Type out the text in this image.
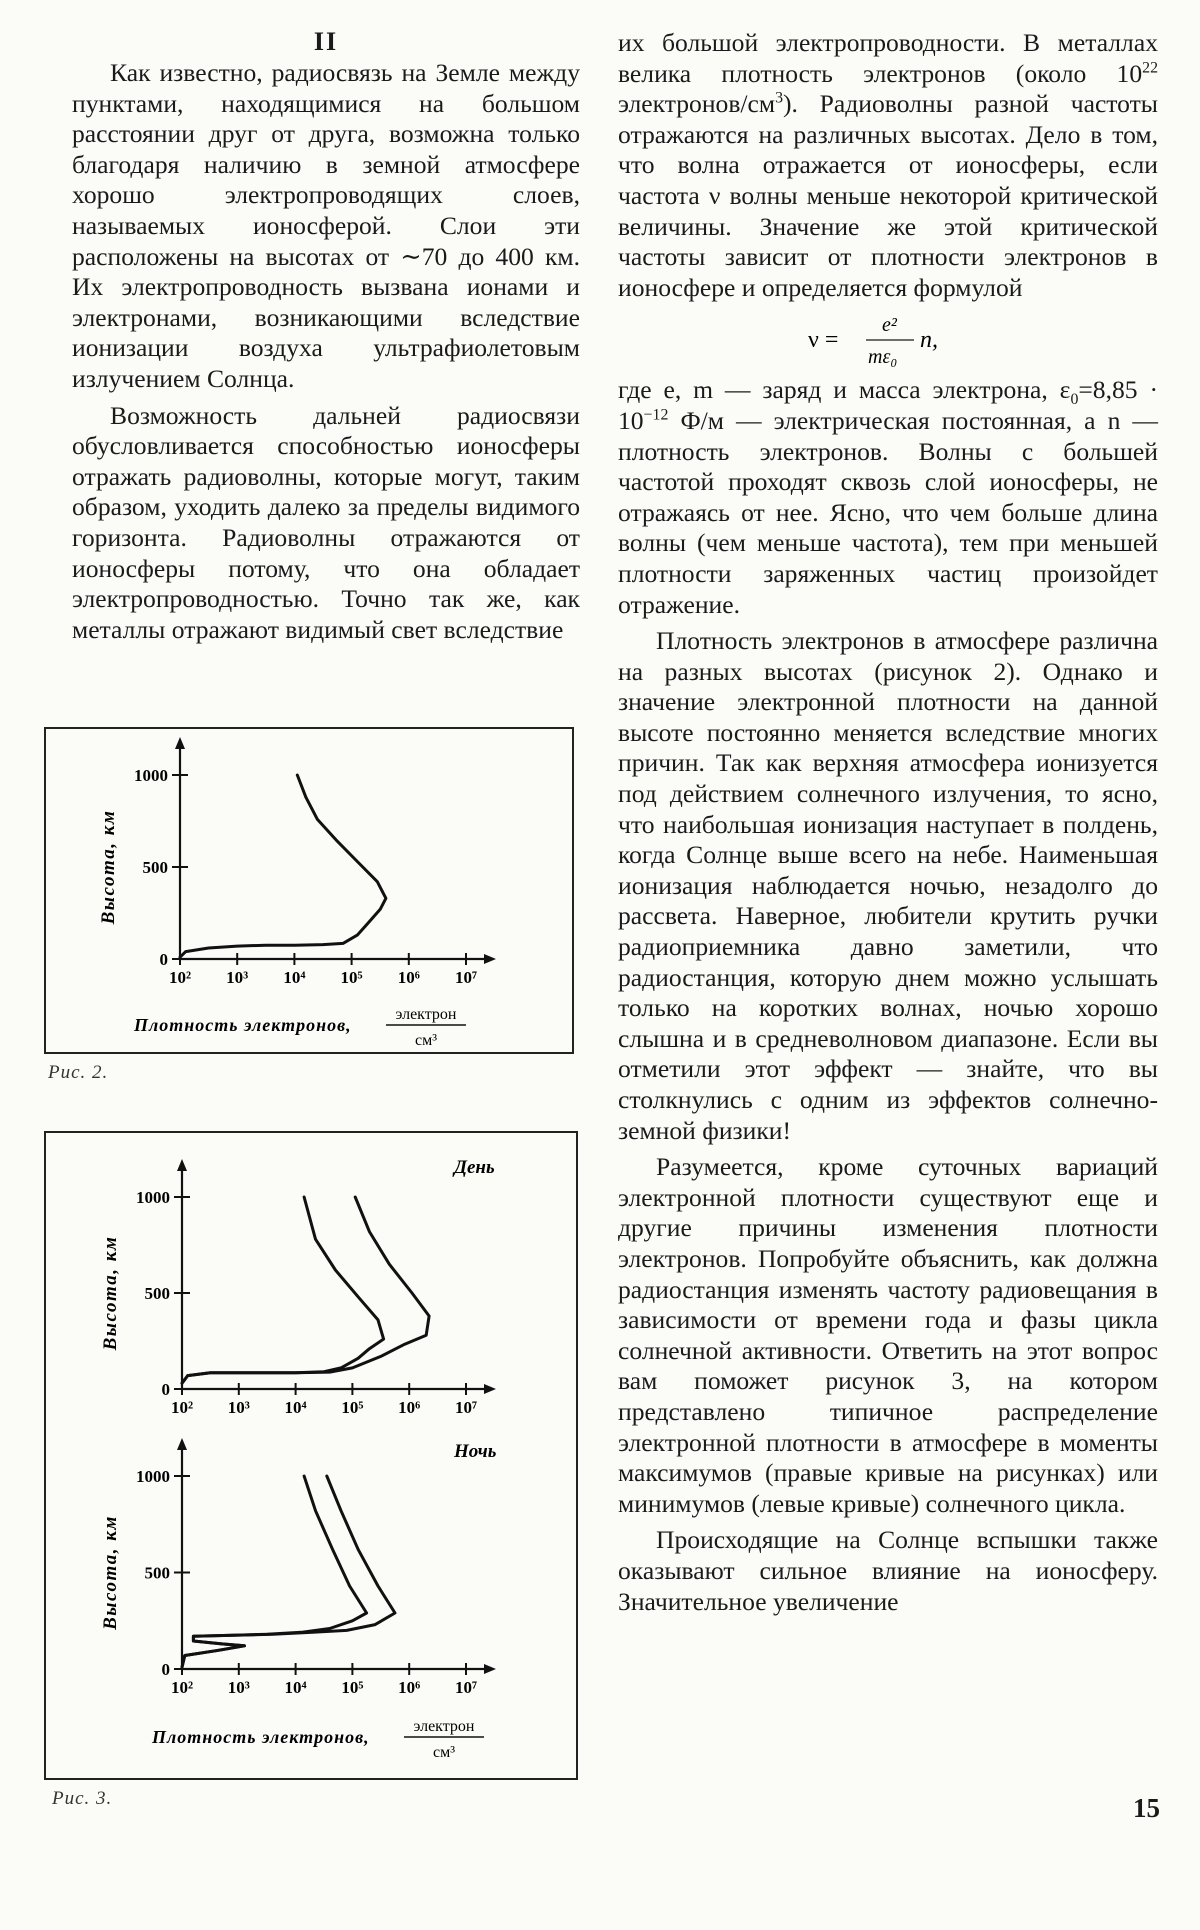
II

Как известно, радиосвязь на Земле между пунктами, находящимися на большом расстоянии друг от друга, возможна только благодаря наличию в земной атмосфере хорошо электропроводящих слоев, называемых ионосферой. Слои эти расположены на высотах от ∼70 до 400 км. Их электропроводность вызвана ионами и электронами, возникающими вследствие ионизации воздуха ультрафиолетовым излучением Солнца.

Возможность дальней радиосвязи обусловливается способностью ионосферы отражать радиоволны, которые могут, таким образом, уходить далеко за пределы видимого горизонта. Радиоволны отражаются от ионосферы потому, что она обладает электропроводностью. Точно так же, как металлы отражают видимый свет вследствие

их большой электропроводности. В металлах велика плотность электронов (около $10^{22}$ электронов/$см^3$). Радиоволны разной частоты отражаются на различных высотах. Дело в том, что волна отражается от ионосферы, если частота ν волны меньше некоторой критической величины. Значение же этой критической частоты зависит от плотности электронов в ионосфере и определяется формулой

ν =
e²
mε₀
n,

где e, m — заряд и масса электрона, $\varepsilon_0=8,85 \cdot 10^{-12}$ Ф/м — электрическая постоянная, а n — плотность электронов. Волны с большей частотой проходят сквозь слой ионосферы, не отражаясь от нее. Ясно, что чем больше длина волны (чем меньше частота), тем при меньшей плотности заряженных частиц произойдет отражение.

Плотность электронов в атмосфере различна на разных высотах (рисунок 2). Однако и значение электронной плотности на данной высоте постоянно меняется вследствие многих причин. Так как верхняя атмосфера ионизуется под действием солнечного излучения, то ясно, что наибольшая ионизация наступает в полдень, когда Солнце выше всего на небе. Наименьшая ионизация наблюдается ночью, незадолго до рассвета. Наверное, любители крутить ручки радиоприемника давно заметили, что радиостанция, которую днем можно услышать только на коротких волнах, ночью хорошо слышна и в средневолновом диапазоне. Если вы отметили этот эффект — знайте, что вы столкнулись с одним из эффектов солнечно-земной физики!

Разумеется, кроме суточных вариаций электронной плотности существуют еще и другие причины изменения плотности электронов. Попробуйте объяснить, как должна радиостанция изменять частоту радиовещания в зависимости от времени года и фазы цикла солнечной активности. Ответить на этот вопрос вам поможет рисунок 3, на котором представлено типичное распределение электронной плотности в атмосфере в моменты максимумов (правые кривые на рисунках) или минимумов (левые кривые) солнечного цикла.

Происходящие на Солнце вспышки также оказывают сильное влияние на ионосферу. Значительное увеличение

0
500
1000
10² 10³ 10⁴ 10⁵ 10⁶ 10⁷
Высота, км
Плотность электронов,
электрон
см³
Рис. 2.
0
500
1000
10² 10³ 10⁴ 10⁵ 10⁶ 10⁷
Высота, км
День
0
500
1000
10² 10³ 10⁴ 10⁵ 10⁶ 10⁷
Высота, км
Ночь
Плотность электронов,
электрон
см³
Рис. 3.	15
